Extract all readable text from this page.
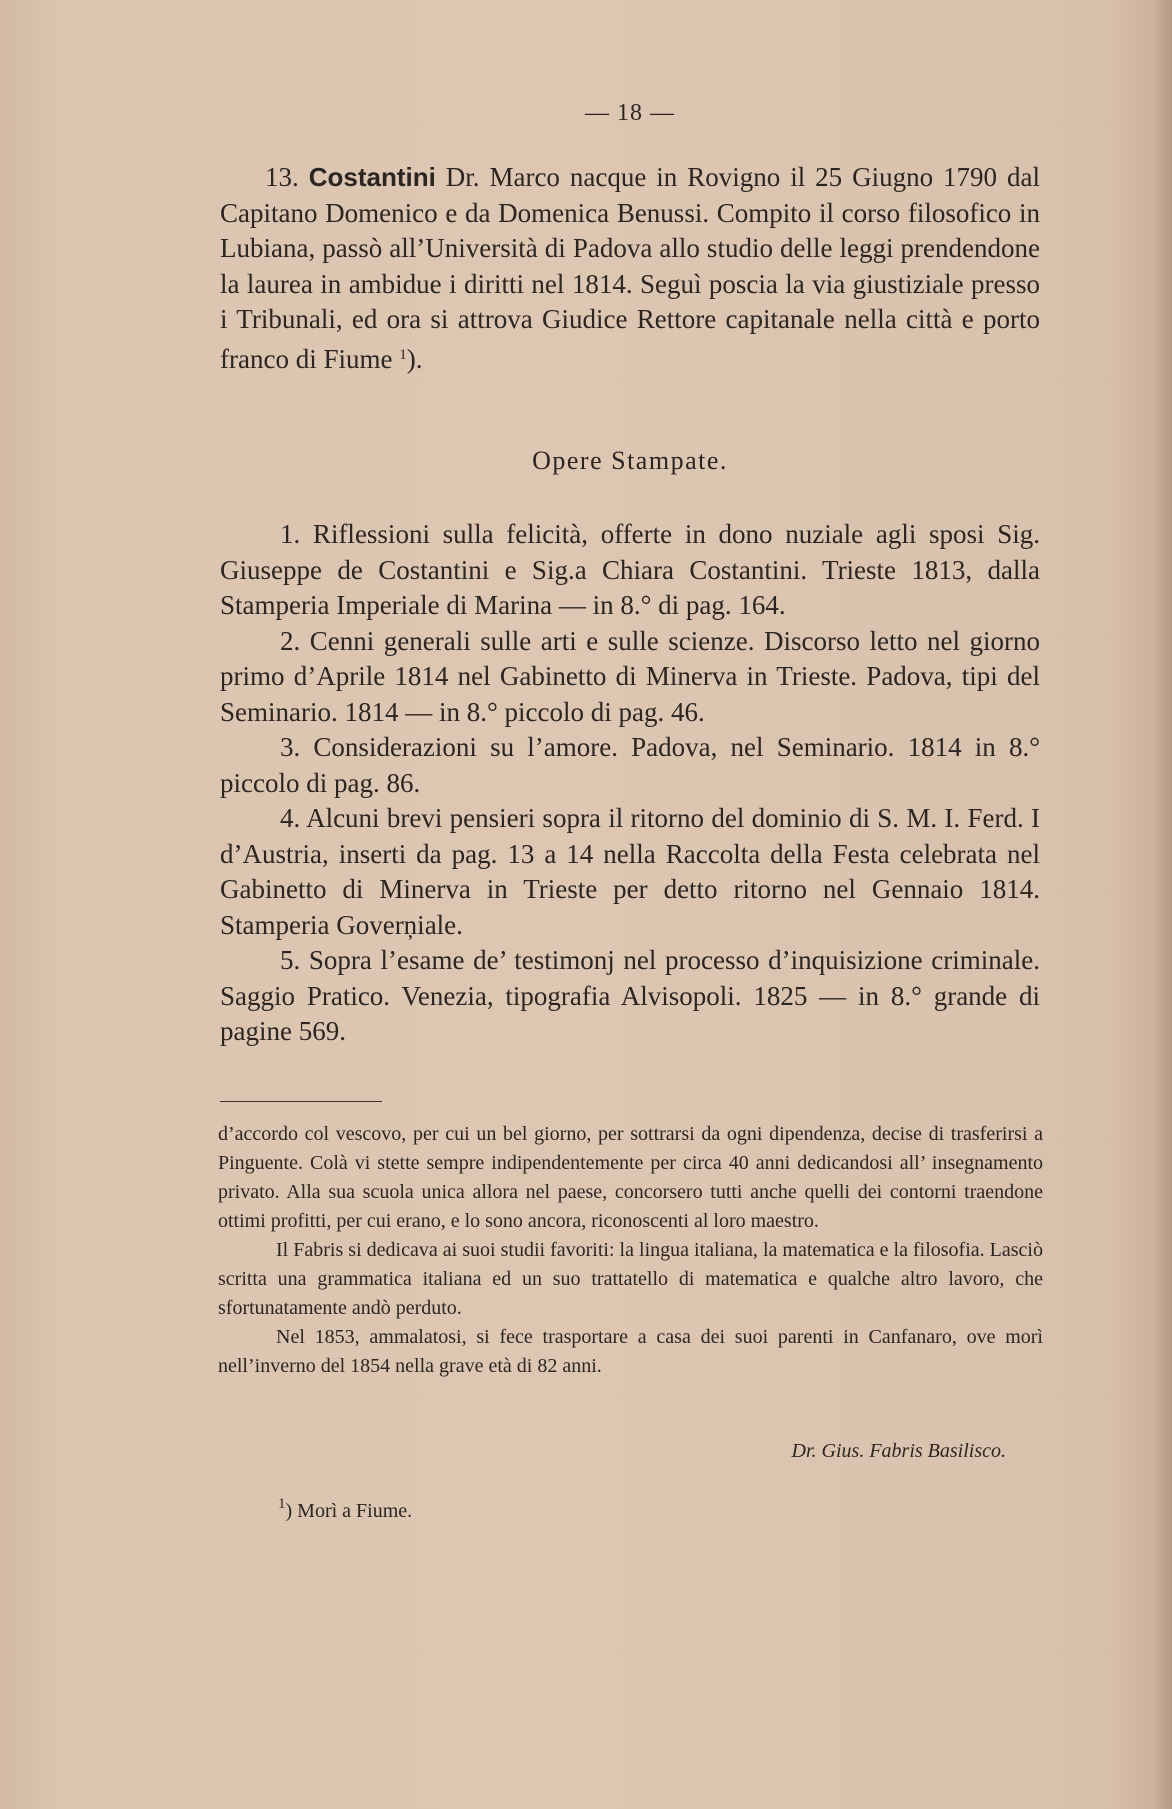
— 18 —

13. Costantini Dr. Marco nacque in Rovigno il 25 Giugno 1790 dal Capitano Domenico e da Domenica Benussi. Compito il corso filosofico in Lubiana, passò all’Università di Padova allo studio delle leggi prendendone la laurea in ambidue i diritti nel 1814. Seguì poscia la via giustiziale presso i Tribunali, ed ora si attrova Giudice Rettore capitanale nella città e porto franco di Fiume $^1$).

Opere Stampate.

1. Riflessioni sulla felicità, offerte in dono nuziale agli sposi Sig. Giuseppe de Costantini e Sig.a Chiara Costantini. Trieste 1813, dalla Stamperia Imperiale di Marina — in 8.° di pag. 164.

2. Cenni generali sulle arti e sulle scienze. Discorso letto nel giorno primo d’Aprile 1814 nel Gabinetto di Minerva in Trieste. Padova, tipi del Seminario. 1814 — in 8.° piccolo di pag. 46.

3. Considerazioni su l’amore. Padova, nel Seminario. 1814 in 8.° piccolo di pag. 86.

4. Alcuni brevi pensieri sopra il ritorno del dominio di S. M. I. Ferd. I d’Austria, inserti da pag. 13 a 14 nella Raccolta della Festa celebrata nel Gabinetto di Minerva in Trieste per detto ritorno nel Gennaio 1814. Stamperia Goverņiale.

5. Sopra l’esame de’ testimonj nel processo d’inquisizione criminale. Saggio Pratico. Venezia, tipografia Alvisopoli. 1825 — in 8.° grande di pagine 569.

d’accordo col vescovo, per cui un bel giorno, per sottrarsi da ogni dipendenza, decise di trasferirsi a Pinguente. Colà vi stette sempre indipendentemente per circa 40 anni dedicandosi all’ insegnamento privato. Alla sua scuola unica allora nel paese, concorsero tutti anche quelli dei contorni traendone ottimi profitti, per cui erano, e lo sono ancora, riconoscenti al loro maestro.

Il Fabris si dedicava ai suoi studii favoriti: la lingua italiana, la matematica e la filosofia. Lasciò scritta una grammatica italiana ed un suo trattatello di matematica e qualche altro lavoro, che sfortunatamente andò perduto.

Nel 1853, ammalatosi, si fece trasportare a casa dei suoi parenti in Canfanaro, ove morì nell’inverno del 1854 nella grave età di 82 anni.

Dr. Gius. Fabris Basilisco.
$^1$) Morì a Fiume.
